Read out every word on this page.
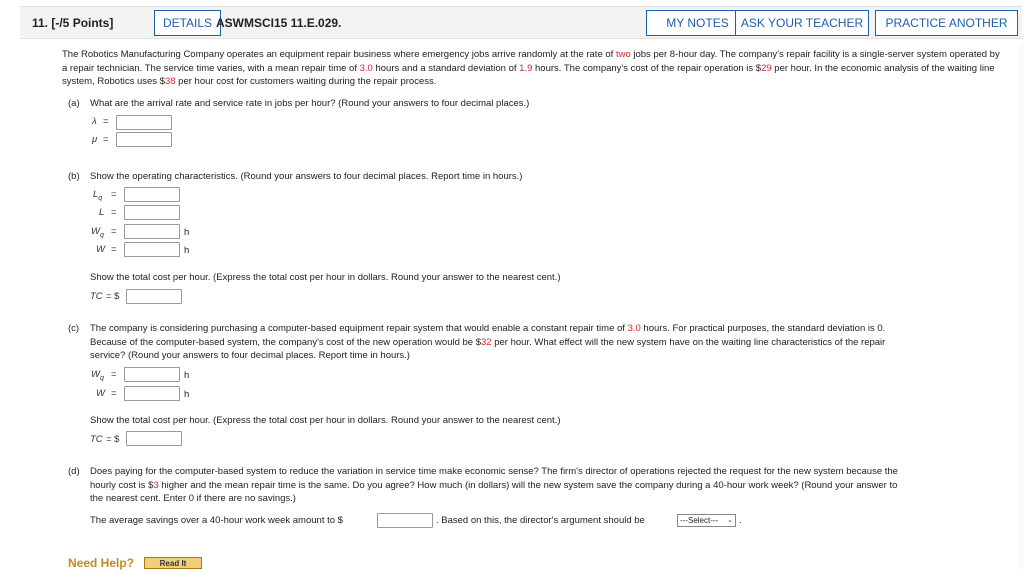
11. [-/5 Points]	DETAILS ASWMSCI15 11.E.029.	MY NOTES	ASK YOUR TEACHER	PRACTICE ANOTHER
The Robotics Manufacturing Company operates an equipment repair business where emergency jobs arrive randomly at the rate of two jobs per 8-hour day. The company's repair facility is a single-server system operated by a repair technician. The service time varies, with a mean repair time of 3.0 hours and a standard deviation of 1.9 hours. The company's cost of the repair operation is $29 per hour. In the economic analysis of the waiting line system, Robotics uses $38 per hour cost for customers waiting during the repair process.
(a) What are the arrival rate and service rate in jobs per hour? (Round your answers to four decimal places.)
λ =
μ =
(b) Show the operating characteristics. (Round your answers to four decimal places. Report time in hours.)
$L_q$ =
L =
$W_q$ =	h
W =	h
Show the total cost per hour. (Express the total cost per hour in dollars. Round your answer to the nearest cent.)
TC = $
(c) The company is considering purchasing a computer-based equipment repair system that would enable a constant repair time of 3.0 hours. For practical purposes, the standard deviation is 0.
Because of the computer-based system, the company's cost of the new operation would be $32 per hour. What effect will the new system have on the waiting line characteristics of the repair
service? (Round your answers to four decimal places. Report time in hours.)
$W_q$ =	h
W =	h
Show the total cost per hour. (Express the total cost per hour in dollars. Round your answer to the nearest cent.)
TC = $
(d) Does paying for the computer-based system to reduce the variation in service time make economic sense? The firm's director of operations rejected the request for the new system because the
hourly cost is $3 higher and the mean repair time is the same. Do you agree? How much (in dollars) will the new system save the company during a 40-hour work week? (Round your answer to
the nearest cent. Enter 0 if there are no savings.)
The average savings over a 40-hour work week amount to $	. Based on this, the director's argument should be	---Select--- ⌄ .
Need Help?	Read It
